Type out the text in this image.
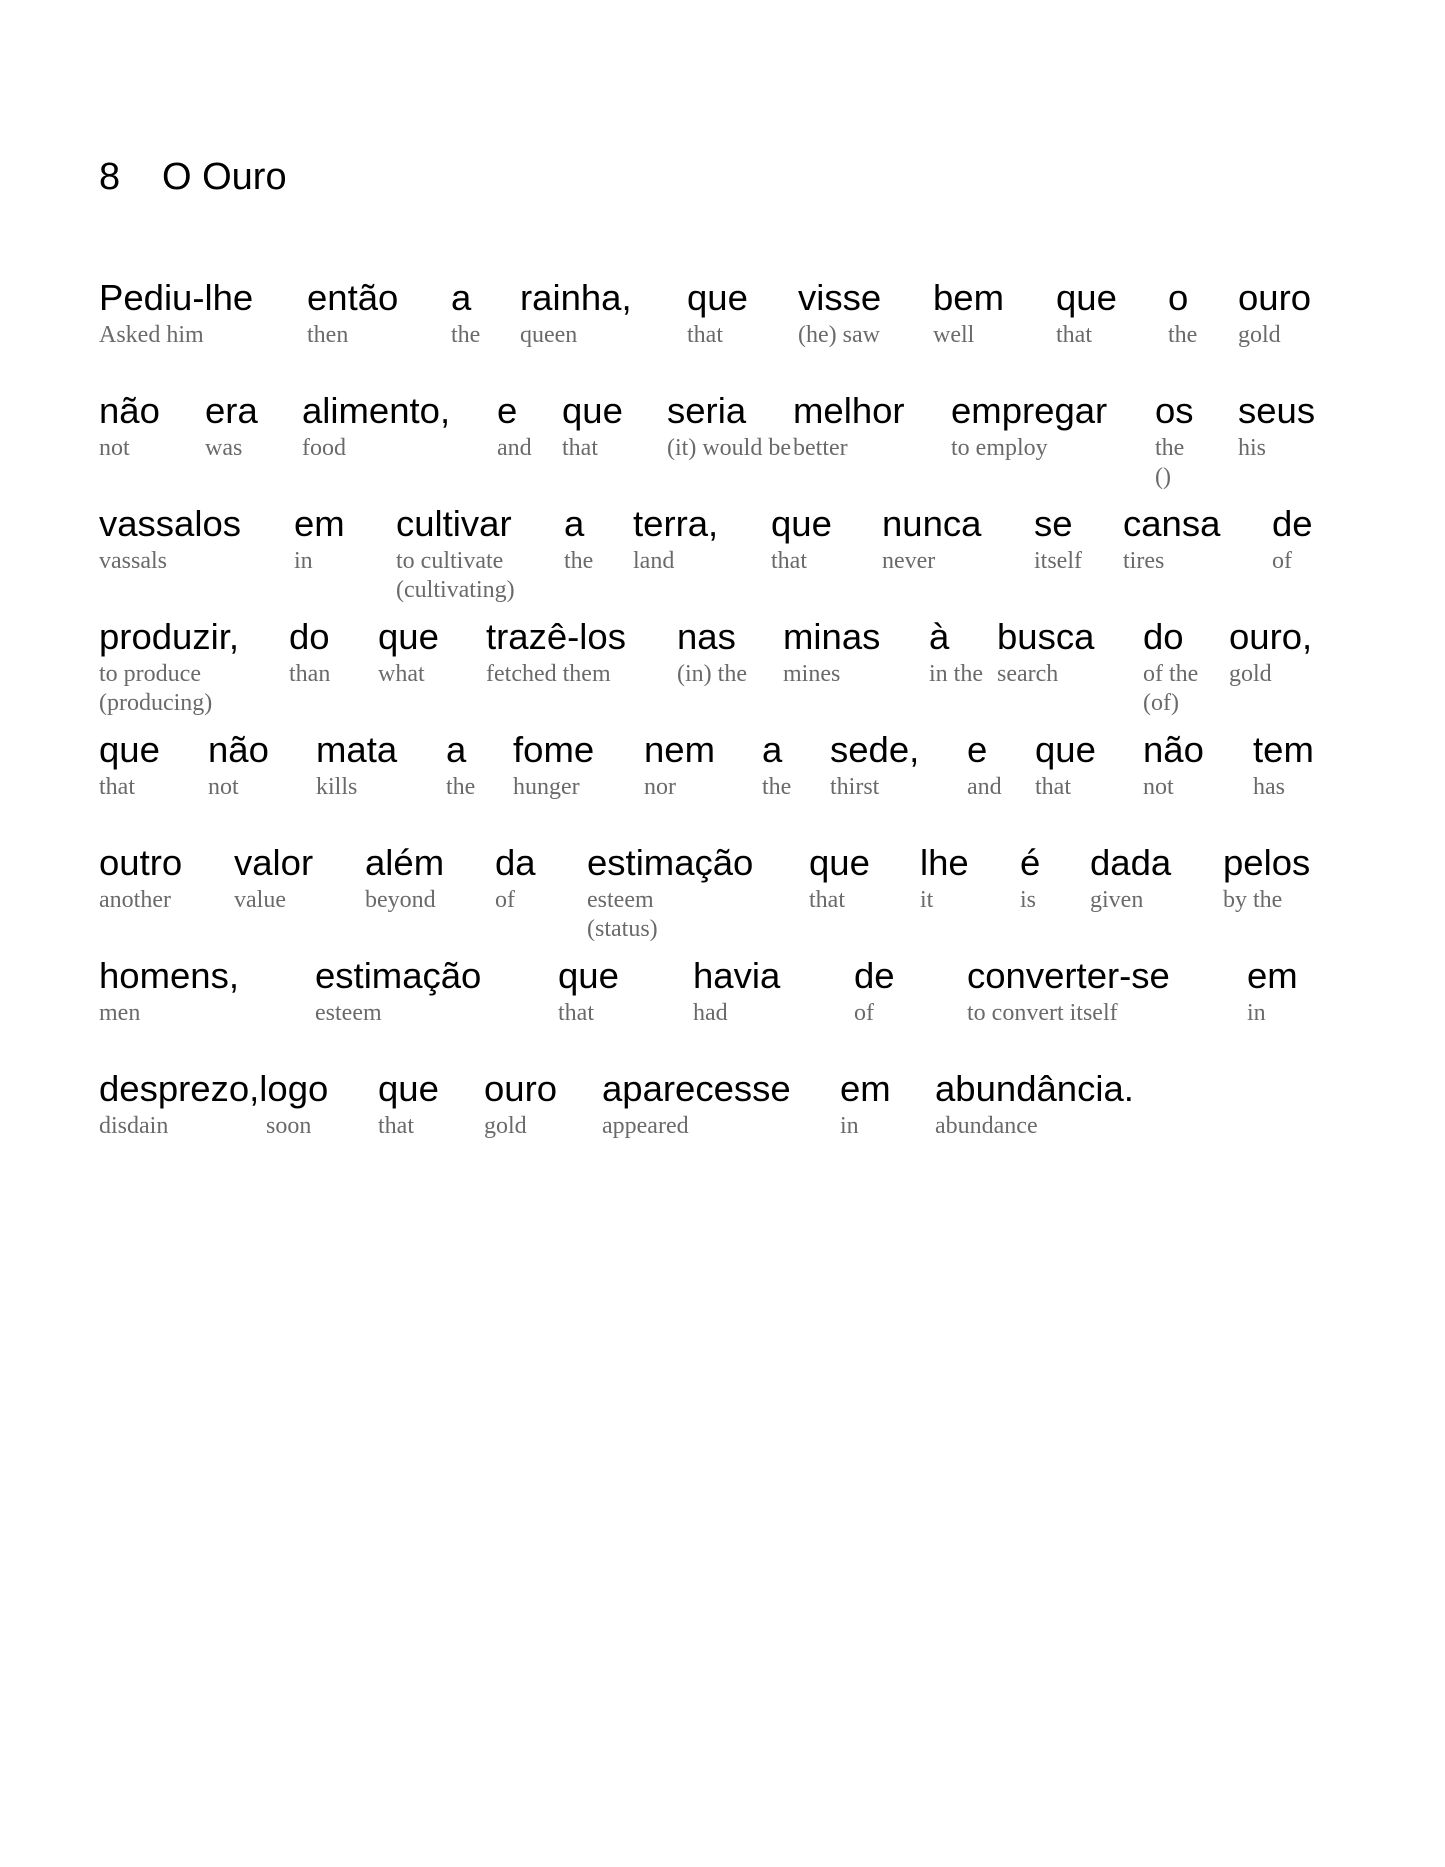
8 O Ouro
Pediu-lhe
Asked him
então
then
a
the
rainha,
queen
que
that
visse
(he) saw
bem
well
que
that
o
the
ouro
gold
não
not
era
was
alimento,
food
e
and
que
that
seria
(it) would be
melhor
better
empregar
to employ
os
the
()
seus
his
vassalos
vassals
em
in
cultivar
to cultivate
(cultivating)
a
the
terra,
land
que
that
nunca
never
se
itself
cansa
tires
de
of
produzir,
to produce
(producing)
do
than
que
what
trazê-los
fetched them
nas
(in) the
minas
mines
à
in the
busca
search
do
of the
(of)
ouro,
gold
que
that
não
not
mata
kills
a
the
fome
hunger
nem
nor
a
the
sede,
thirst
e
and
que
that
não
not
tem
has
outro
another
valor
value
além
beyond
da
of
estimação
esteem
(status)
que
that
lhe
it
é
is
dada
given
pelos
by the
homens,
men
estimação
esteem
que
that
havia
had
de
of
converter-se
to convert itself
em
in
desprezo,logo
disdain
	soon
que
that
ouro
gold
aparecesse
appeared
em
in
abundância.
abundance
